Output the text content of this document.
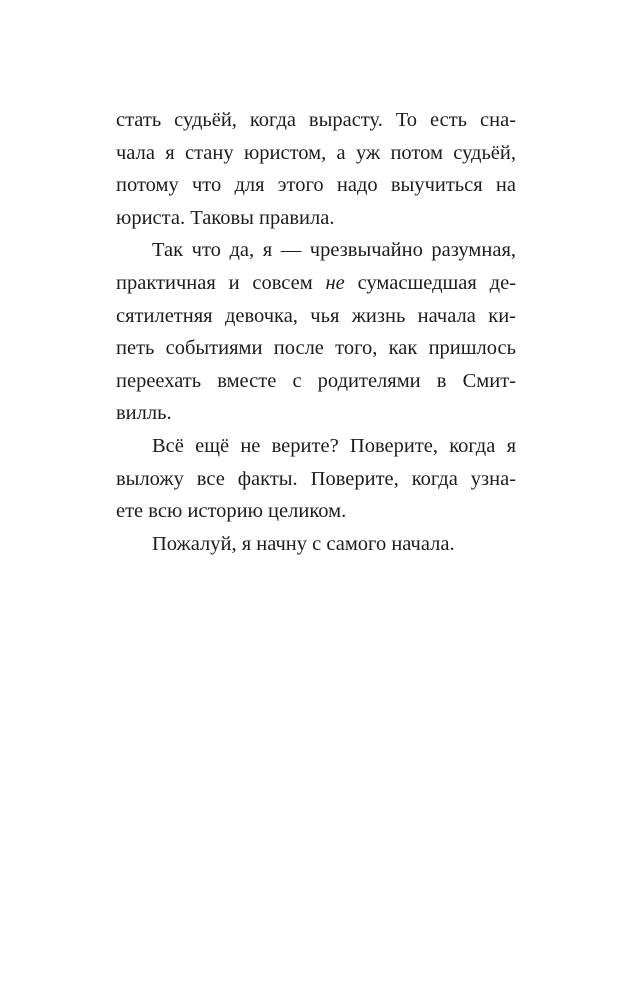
стать судьёй, когда вырасту. То есть сна-
чала я стану юристом, а уж потом судьёй,
потому что для этого надо выучиться на
юриста. Таковы правила.
Так что да, я — чрезвычайно разумная,
практичная и совсем не сумасшедшая де-
сятилетняя девочка, чья жизнь начала ки-
петь событиями после того, как пришлось
переехать вместе с родителями в Смит-
вилль.
Всё ещё не верите? Поверите, когда я
выложу все факты. Поверите, когда узна-
ете всю историю целиком.
Пожалуй, я начну с самого начала.
